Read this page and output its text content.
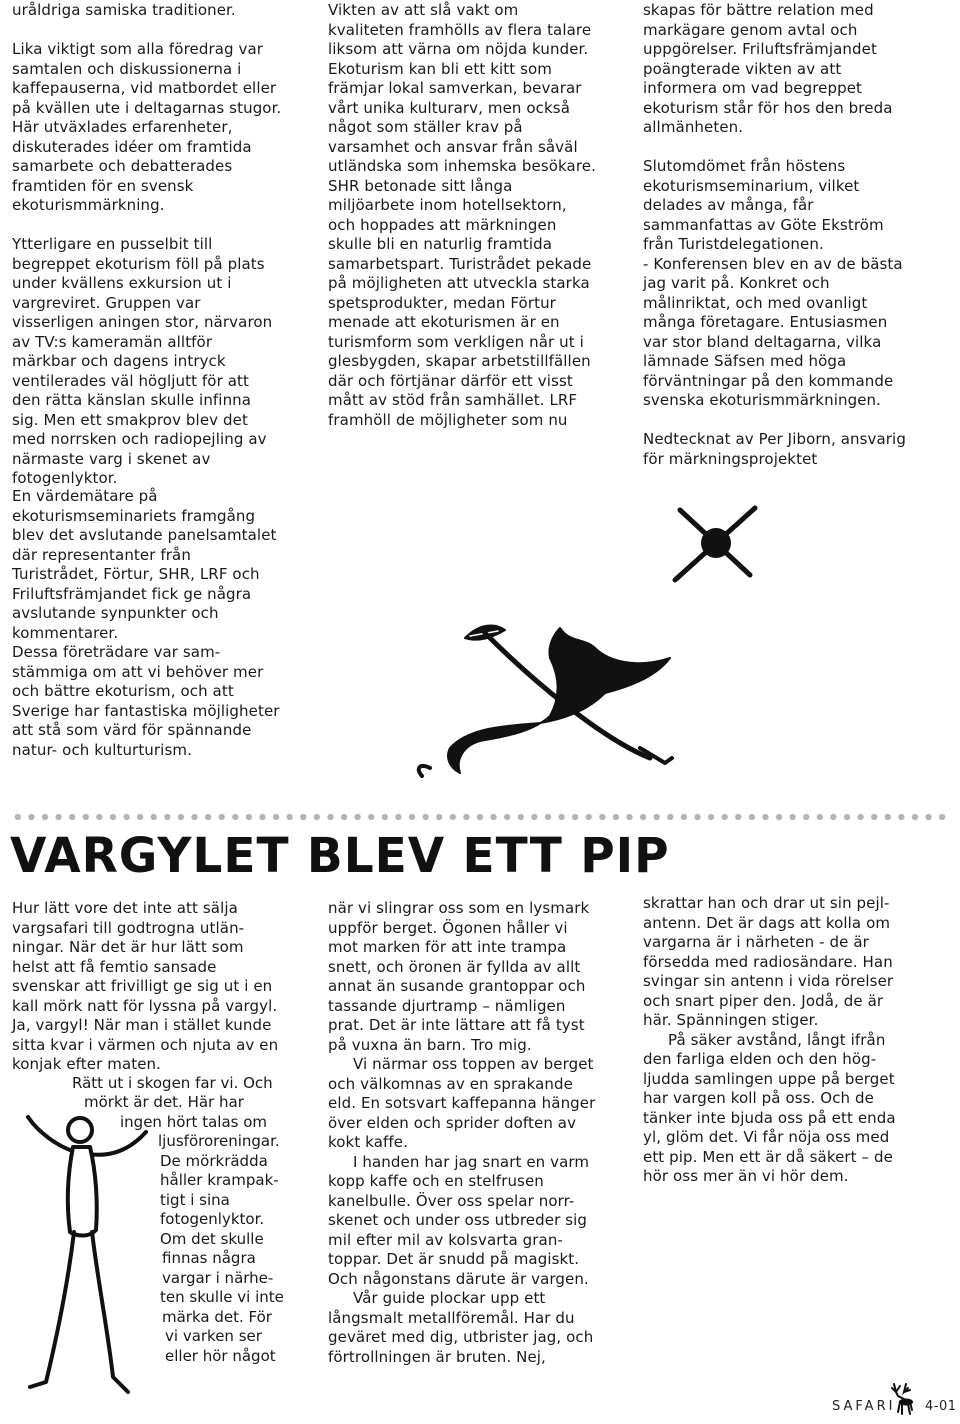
uråldriga samiska traditioner.

Lika viktigt som alla föredrag var
samtalen och diskussionerna i
kaffepauserna, vid matbordet eller
på kvällen ute i deltagarnas stugor.
Här utväxlades erfarenheter,
diskuterades idéer om framtida
samarbete och debatterades
framtiden för en svensk
ekoturismmärkning.

Ytterligare en pusselbit till
begreppet ekoturism föll på plats
under kvällens exkursion ut i
vargreviret. Gruppen var
visserligen aningen stor, närvaron
av TV:s kameramän alltför
märkbar och dagens intryck
ventilerades väl högljutt för att
den rätta känslan skulle infinna
sig. Men ett smakprov blev det
med norrsken och radiopejling av
närmaste varg i skenet av
fotogenlyktor.

En värdemätare på
ekoturismseminariets framgång
blev det avslutande panelsamtalet
där representanter från
Turistrådet, Förtur, SHR, LRF och
Friluftsfrämjandet fick ge några
avslutande synpunkter och
kommentarer.
Dessa företrädare var sam-
stämmiga om att vi behöver mer
och bättre ekoturism, och att
Sverige har fantastiska möjligheter
att stå som värd för spännande
natur- och kulturturism.

Vikten av att slå vakt om
kvaliteten framhölls av flera talare
liksom att värna om nöjda kunder.
Ekoturism kan bli ett kitt som
främjar lokal samverkan, bevarar
vårt unika kulturarv, men också
något som ställer krav på
varsamhet och ansvar från såväl
utländska som inhemska besökare.
SHR betonade sitt långa
miljöarbete inom hotellsektorn,
och hoppades att märkningen
skulle bli en naturlig framtida
samarbetspart. Turistrådet pekade
på möjligheten att utveckla starka
spetsprodukter, medan Förtur
menade att ekoturismen är en
turismform som verkligen når ut i
glesbygden, skapar arbetstillfällen
där och förtjänar därför ett visst
mått av stöd från samhället. LRF
framhöll de möjligheter som nu

skapas för bättre relation med
markägare genom avtal och
uppgörelser. Friluftsfrämjandet
poängterade vikten av att
informera om vad begreppet
ekoturism står för hos den breda
allmänheten.

Slutomdömet från höstens
ekoturismseminarium, vilket
delades av många, får
sammanfattas av Göte Ekström
från Turistdelegationen.
- Konferensen blev en av de bästa
jag varit på. Konkret och
målinriktat, och med ovanligt
många företagare. Entusiasmen
var stor bland deltagarna, vilka
lämnade Säfsen med höga
förväntningar på den kommande
svenska ekoturismmärkningen.

Nedtecknat av Per Jiborn, ansvarig
för märkningsprojektet

VARGYLET BLEV ETT PIP

Hur lätt vore det inte att sälja
vargsafari till godtrogna utlän-
ningar. När det är hur lätt som
helst att få femtio sansade
svenskar att frivilligt ge sig ut i en
kall mörk natt för lyssna på vargyl.
Ja, vargyl! När man i stället kunde
sitta kvar i värmen och njuta av en
konjak efter maten.

Rätt ut i skogen far vi. Och
mörkt är det. Här har
ingen hört talas om
ljusföroreningar.
De mörkrädda
håller krampak-
tigt i sina
fotogenlyktor.
Om det skulle
finnas några
vargar i närhe-
ten skulle vi inte
märka det. För
vi varken ser
eller hör något

när vi slingrar oss som en lysmark
uppför berget. Ögonen håller vi
mot marken för att inte trampa
snett, och öronen är fyllda av allt
annat än susande grantoppar och
tassande djurtramp – nämligen
prat. Det är inte lättare att få tyst
på vuxna än barn. Tro mig.

Vi närmar oss toppen av berget
och välkomnas av en sprakande
eld. En sotsvart kaffepanna hänger
över elden och sprider doften av
kokt kaffe.

I handen har jag snart en varm
kopp kaffe och en stelfrusen
kanelbulle. Över oss spelar norr-
skenet och under oss utbreder sig
mil efter mil av kolsvarta gran-
toppar. Det är snudd på magiskt.
Och någonstans därute är vargen.

Vår guide plockar upp ett
långsmalt metallföremål. Har du
geväret med dig, utbrister jag, och
förtrollningen är bruten. Nej,

skrattar han och drar ut sin pejl-
antenn. Det är dags att kolla om
vargarna är i närheten - de är
försedda med radiosändare. Han
svingar sin antenn i vida rörelser
och snart piper den. Jodå, de är
här. Spänningen stiger.

På säker avstånd, långt ifrån
den farliga elden och den hög-
ljudda samlingen uppe på berget
har vargen koll på oss. Och de
tänker inte bjuda oss på ett enda
yl, glöm det. Vi får nöja oss med
ett pip. Men ett är då säkert – de
hör oss mer än vi hör dem.

SAFARI 4-01
